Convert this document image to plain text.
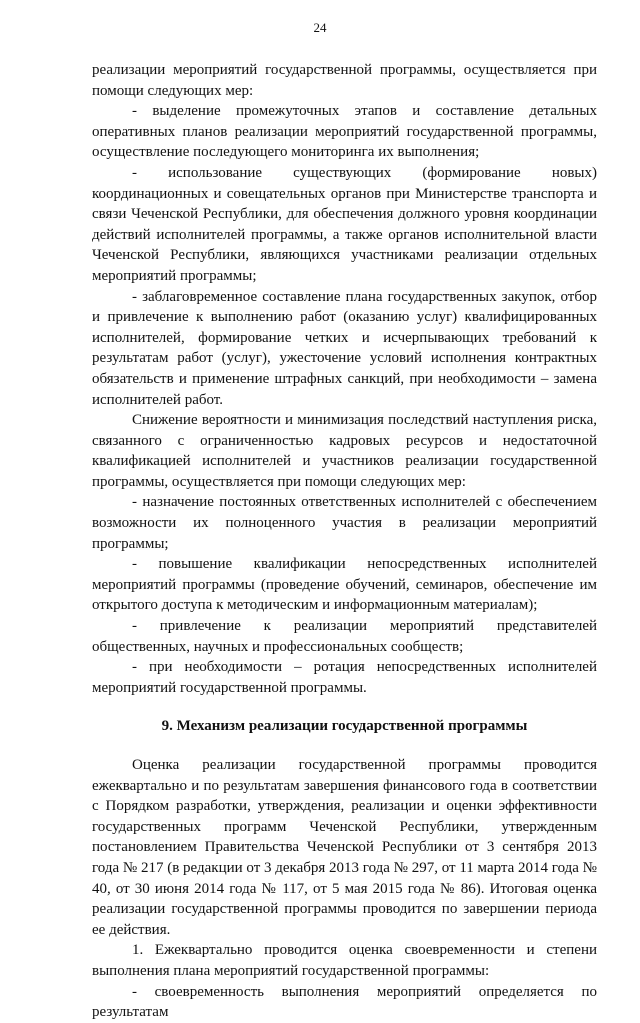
24

реализации мероприятий государственной программы, осуществляется при помощи следующих мер:

- выделение промежуточных этапов и составление детальных оперативных планов реализации мероприятий государственной программы, осуществление последующего мониторинга их выполнения;

- использование существующих (формирование новых) координационных и совещательных органов при Министерстве транспорта и связи Чеченской Республики, для обеспечения должного уровня координации действий исполнителей программы, а также органов исполнительной власти Чеченской Республики, являющихся участниками реализации отдельных мероприятий программы;

- заблаговременное составление плана государственных закупок, отбор и привлечение к выполнению работ (оказанию услуг) квалифицированных исполнителей, формирование четких и исчерпывающих требований к результатам работ (услуг), ужесточение условий исполнения контрактных обязательств и применение штрафных санкций, при необходимости – замена исполнителей работ.

Снижение вероятности и минимизация последствий наступления риска, связанного с ограниченностью кадровых ресурсов и недостаточной квалификацией исполнителей и участников реализации государственной программы, осуществляется при помощи следующих мер:

- назначение постоянных ответственных исполнителей с обеспечением возможности их полноценного участия в реализации мероприятий программы;

- повышение квалификации непосредственных исполнителей мероприятий программы (проведение обучений, семинаров, обеспечение им открытого доступа к методическим и информационным материалам);

- привлечение к реализации мероприятий представителей общественных, научных и профессиональных сообществ;

- при необходимости – ротация непосредственных исполнителей мероприятий государственной программы.

9. Механизм реализации государственной программы

Оценка реализации государственной программы проводится ежеквартально и по результатам завершения финансового года в соответствии с Порядком разработки, утверждения, реализации и оценки эффективности государственных программ Чеченской Республики, утвержденным постановлением Правительства Чеченской Республики от 3 сентября 2013 года № 217 (в редакции от 3 декабря 2013 года № 297, от 11 марта 2014 года № 40, от 30 июня 2014 года № 117, от 5 мая 2015 года № 86). Итоговая оценка реализации государственной программы проводится по завершении периода ее действия.

1. Ежеквартально проводится оценка своевременности и степени выполнения плана мероприятий государственной программы:

- своевременность выполнения мероприятий определяется по результатам
